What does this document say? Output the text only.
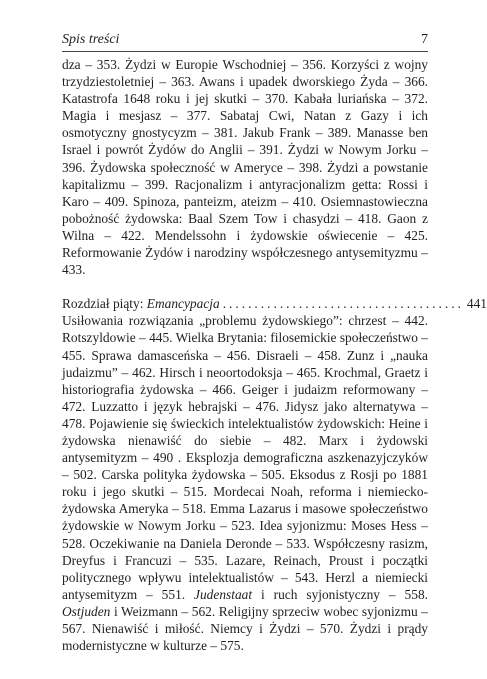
Spis treści	7

dza – 353. Żydzi w Europie Wschodniej – 356. Korzyści z wojny trzydziestoletniej – 363. Awans i upadek dworskiego Żyda – 366. Katastrofa 1648 roku i jej skutki – 370. Kabała luriańska – 372. Magia i mesjasz – 377. Sabataj Cwi, Natan z Gazy i ich osmotyczny gnostycyzm – 381. Jakub Frank – 389. Manasse ben Israel i powrót Żydów do Anglii – 391. Żydzi w Nowym Jorku – 396. Żydowska społeczność w Ameryce – 398. Żydzi a powstanie kapitalizmu – 399. Racjonalizm i antyracjonalizm getta: Rossi i Karo – 409. Spinoza, panteizm, ateizm – 410. Osiemnastowieczna pobożność żydowska: Baal Szem Tow i chasydzi – 418. Gaon z Wilna – 422. Mendelssohn i żydowskie oświecenie – 425. Reformowanie Żydów i narodziny współczesnego antysemityzmu – 433.

Rozdział piąty:
Emancypacja ...................................... 441

Usiłowania rozwiązania „problemu żydowskiego”: chrzest – 442. Rotszyldowie – 445. Wielka Brytania: filosemickie społeczeństwo – 455. Sprawa damasceńska – 456. Disraeli – 458. Zunz i „nauka judaizmu” – 462. Hirsch i neoortodoksja – 465. Krochmal, Graetz i historiografia żydowska – 466. Geiger i judaizm reformowany – 472. Luzzatto i język hebrajski – 476. Jidysz jako alternatywa – 478. Pojawienie się świeckich intelektualistów żydowskich: Heine i żydowska nienawiść do siebie – 482. Marx i żydowski antysemityzm – 490 . Eksplozja demograficzna aszkenazyjczyków – 502. Carska polityka żydowska – 505. Eksodus z Rosji po 1881 roku i jego skutki – 515. Mordecai Noah, reforma i niemiecko-żydowska Ameryka – 518. Emma Lazarus i masowe społeczeństwo żydowskie w Nowym Jorku – 523. Idea syjonizmu: Moses Hess – 528. Oczekiwanie na Daniela Deronde – 533. Współczesny rasizm, Dreyfus i Francuzi – 535. Lazare, Reinach, Proust i początki politycznego wpływu intelektualistów – 543. Herzl a niemiecki antysemityzm – 551. Judenstaat i ruch syjonistyczny – 558. Ostjuden i Weizmann – 562. Religijny sprzeciw wobec syjonizmu – 567. Nienawiść i miłość. Niemcy i Żydzi – 570. Żydzi i prądy modernistyczne w kulturze – 575.
